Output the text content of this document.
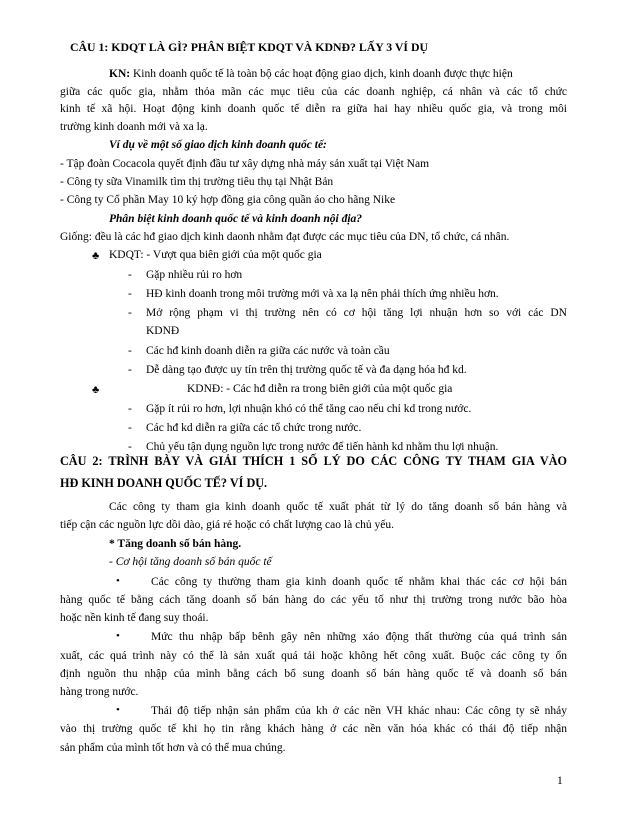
CÂU 1: KDQT LÀ GÌ? PHÂN BIỆT KDQT VÀ KDNĐ? LẤY 3 VÍ DỤ
KN: Kinh doanh quốc tế là toàn bộ các hoạt động giao dịch, kinh doanh được thực hiện
giữa các quốc gia, nhằm thỏa mãn các mục tiêu của các doanh nghiệp, cá nhân và các tổ chức
kinh tế xã hội. Hoạt động kinh doanh quốc tế diễn ra giữa hai hay nhiều quốc gia, và trong môi
trường kinh doanh mới và xa lạ.
Ví dụ về một số giao dịch kinh doanh quốc tế:
- Tập đoàn Cocacola quyết định đầu tư xây dựng nhà máy sản xuất tại Việt Nam
- Công ty sữa Vinamilk tìm thị trường tiêu thụ tại Nhật Bản
- Công ty Cổ phần May 10 ký hợp đồng gia công quần áo cho hãng Nike
Phân biệt kinh doanh quốc tế và kinh doanh nội địa?
Giống: đều là các hđ giao dịch kinh daonh nhằm đạt được các mục tiêu của DN, tổ chức, cá nhân.
♣ KDQT: - Vượt qua biên giới của một quốc gia
- Gặp nhiều rủi ro hơn
- HĐ kinh doanh trong môi trường mới và xa lạ nên phải thích ứng nhiều hơn.
- Mở rộng phạm vi thị trường nên có cơ hội tăng lợi nhuận hơn so với các DN
KDNĐ
- Các hđ kinh doanh diễn ra giữa các nước và toàn cầu
- Dễ dàng tạo được uy tín trên thị trường quốc tế và đa dạng hóa hđ kd.
♣	KDNĐ: - Các hđ diễn ra trong biên giới của một quốc gia
- Gặp ít rủi ro hơn, lợi nhuận khó có thể tăng cao nếu chỉ kd trong nước.
- Các hđ kd diễn ra giữa các tổ chức trong nước.
- Chủ yếu tận dụng nguồn lực trong nước để tiến hành kd nhằm thu lợi nhuận.
CÂU 2: TRÌNH BÀY VÀ GIẢI THÍCH 1 SỐ LÝ DO CÁC CÔNG TY THAM GIA VÀO
HĐ KINH DOANH QUỐC TẾ? VÍ DỤ.
Các công ty tham gia kinh doanh quốc tế xuất phát từ lý do tăng doanh số bán hàng và
tiếp cận các nguồn lực dồi dào, giá rẻ hoặc có chất lượng cao là chủ yếu.
* Tăng doanh số bán hàng.
- Cơ hội tăng doanh số bán quốc tế
•	Các công ty thường tham gia kinh doanh quốc tế nhằm khai thác các cơ hội bán
hàng quốc tế bằng cách tăng doanh số bán hàng do các yếu tố như thị trường trong nước bão hòa
hoặc nền kinh tế đang suy thoái.
•	Mức thu nhập bấp bênh gây nên những xáo động thất thường của quá trình sản
xuất, các quá trình này có thể là sản xuất quá tải hoặc không hết công xuất. Buộc các công ty ổn
định nguồn thu nhập của mình bằng cách bổ sung doanh số bán hàng quốc tế và doanh số bán
hàng trong nước.
•	Thái độ tiếp nhận sản phẩm của kh ở các nền VH khác nhau: Các công ty sẽ nhảy
vào thị trường quốc tế khi họ tin rằng khách hàng ở các nền văn hóa khác có thái độ tiếp nhận
sản phẩm của mình tốt hơn và có thể mua chúng.
1
